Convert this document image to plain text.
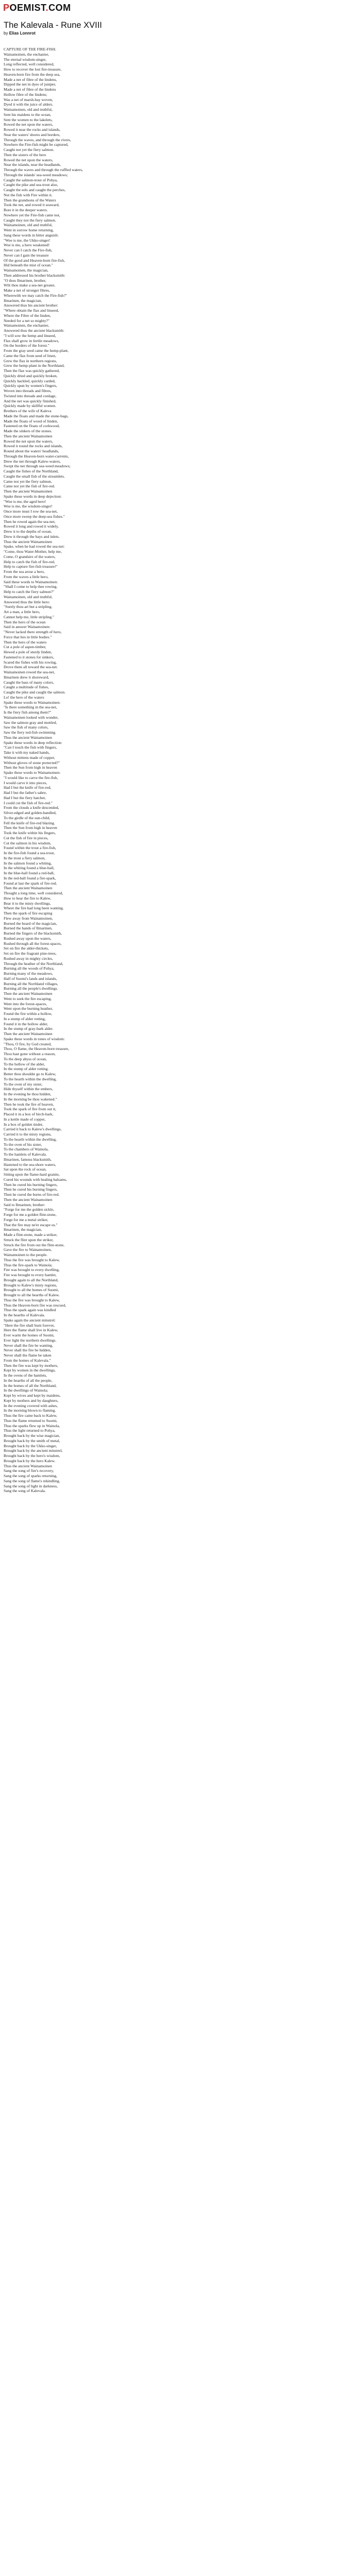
POEMIST.COM
The Kalevala - Rune XVIII

by Elias Lonnrot

CAPTURE OF THE FIRE-FISH.
Wainamoinen, the enchanter,
The eternal wisdom-singer,
Long reflected, well considered,
How to recover the lost fire-treasure,
Heaven-born fire from the deep sea,
Made a net of fibre of the lindens,
Dipped the net in dyes of juniper,
Made a net of fibre of the lindens
Hollow fibre of the lindens;
Was a net of marsh-hay woven,
Dyed it with the juice of alders.
Wainamoinen, old and truthful,
Sent his maidens to the ocean,
Sent the women to the lakelets,
Rowed the net upon the waters,
Rowed it near the rocks and islands,
Near the waters' shores and borders,
Through the waves, and through the rivers,
Nowhere the Fire-fish might be captured,
Caught not yet the fiery salmon.
Then the sisters of the hero
Rowed the net upon the waters,
Near the islands, near the headlands,
Through the waves and through the ruffled waters,
Through the islands' sea-weed meadows;
Caught the salmon-trout of Pohya,
Caught the pike and sea-trout also,
Caught the eels and caught the perches,
Not the fish with Fire within it.
Then the grandsons of the Waters
Took the net, and rowed it seaward,
Bore it in the deeper waters.
Nowhere yet the Fire-fish came not,
Caught they not the fiery salmon.
Wainamoinen, old and truthful,
Went in sorrow home returning,
Sang these words in bitter anguish:
"Woe is me, the Ukko-singer!
Woe is me, a hero weakened!
Never can I catch the Fire-fish,
Never can I gain the treasure
Of the good and Heaven-born fire-fish,
Hid beneath the mist of ocean."
Wainamoinen, the magician,
Then addressed his brother blacksmith:
"O thou Ilmarinen, brother,
Wilt thou make a sea-net greater,
Make a net of stronger fibres,
Wherewith we may catch the Fire-fish?"
Ilmarinen, the magician,
Answered thus his ancient brother:
"Where obtain the flax and linseed,
Where the Fibre of the linden,
Needed for a net so mighty?"
Wainamoinen, the enchanter,
Answered thus the ancient blacksmith:
"I will sow the hemp and linseed,
Flax shall grow in fertile meadows,
On the borders of the forest."
From the gray seed came the hemp-plant,
Came the flax from seed of linen,
Grew the flax in northern regions,
Grew the hemp-plant in the Northland,
Then the flax was quickly gathered,
Quickly dried and quickly broken,
Quickly hackled, quickly carded,
Quickly spun by women's fingers,
Woven into threads and fibres,
Twisted into threads and cordage,
And the net was quickly finished,
Quickly made by skillful women.
Brothers of the wife of Kaleva
Made the floats and made the stone-bags,
Made the floats of wood of linden,
Fastened on the floats of corkwood,
Made the sinkers of the stones.
Then the ancient Wainamoinen
Rowed the net upon the waters,
Rowed it round the rocks and islands,
Round about the waters' headlands,
Through the Heaven-born water-currents,
Drew the net through Kalew-waters,
Swept the net through sea-weed meadows;
Caught the fishes of the Northland,
Caught the small fish of the streamlets.
Came not yet the fiery salmon,
Came not yet the fish of fire-red.
Then the ancient Wainamoinen
Spake these words in deep dejection:
"Woe is me, the aged hero!
Woe is me, the wisdom-singer!
Once more must I row the sea-net,
Once more sweep the deep-sea fishes."
Then he rowed again the sea-net,
Rowed it long and rowed it widely,
Drew it to the depths of ocean,
Drew it through the bays and inlets.
Thus the ancient Wainamoinen
Spake, when he had rowed the sea-net:
"Come, thou Water-Mother, help me,
Come, O grandsire of the waters,
Help to catch the fish of fire-red,
Help to capture fire-fish treasure!"
From the sea arose a hero,
From the waves a little hero,
Said these words to Wainamoinen:
"Shall I come to help thee rowing,
Help to catch the fiery salmon?"
Wainamoinen, old and truthful,
Answered thus the little hero:
"Surely thou art but a stripling,
Art a man, a little hero,
Cannot help me, little stripling."
Then the hero of the ocean
Said in answer Wainamoinen:
"Never lacked there strength of hero,
Force that lies in little bodies."
Then the hero of the waters
Cut a pole of aspen-timber,
Hewed a pole of sturdy linden,
Fastened to it stones for sinkers,
Scared the fishes with his rowing,
Drove them all toward the sea-net.
Wainamoinen rowed the sea-net,
Ilmarinen drew it shoreward,
Caught the bass of many colors,
Caught a multitude of fishes,
Caught the pike and caught the salmon.
Lo! the hero of the waters
Spake these words to Wainamoinen:
"Is there something in the sea-net,
Is the fiery fish among them?"
Wainamoinen looked with wonder,
Saw the salmon gray and mottled,
Saw the fish of many colors,
Saw the fiery red-fish swimming.
Thus the ancient Wainamoinen
Spake these words in deep reflection:
"Can I touch the fish with fingers,
Take it with my naked hands,
Without mittens made of copper,
Without gloves of stone protected?"
Then the Sun from high in heaven
Spake these words to Wainamoinen:
"I would like to carve the fire-fish,
I would carve it into pieces,
Had I but the knife of fire-red,
Had I but the father's sabre,
Had I but the fiery hatchet,
I could cut the fish of fire-red."
From the clouds a knife descended,
Silver-edged and golden-handled,
To the girdle of the sun-child,
Fell the knife of fire-red blazing.
Then the Sun from high in heaven
Took the knife within his fingers,
Cut the fish of fire in pieces,
Cut the salmon in his wisdom,
Found within the trout a fire-fish,
In the fire-fish found a sea-trout,
In the trout a fiery salmon,
In the salmon found a whiting,
In the whiting found a blue-ball,
In the blue-ball found a red-ball,
In the red-ball found a fire-spark,
Found at last the spark of fire-red.
Then the ancient Wainamoinen
Thought a long time, well considered,
How to bear the fire to Kalew,
Bear it to the misty dwellings,
Where the fire had long been wanting.
Then the spark of fire escaping
Flew away from Wainamoinen,
Burned the beard of the magician,
Burned the hands of Ilmarinen,
Burned the fingers of the blacksmith,
Rushed away upon the waters,
Rushed through all the forest-spaces,
Set on fire the alder-thickets,
Set on fire the fragrant pine-trees,
Rushed away in mighty circles,
Through the heather of the Northland,
Burning all the woods of Pohya,
Burning many of the meadows,
Half of Suomi's lands and islands,
Burning all the Northland villages,
Burning all the people's dwellings.
Then the ancient Wainamoinen
Went to seek the fire escaping,
Went into the forest-spaces,
Went upon the burning heather,
Found the fire within a hollow,
In a stump of alder rotting,
Found it in the hollow alder,
In the stump of gray-bark alder.
Then the ancient Wainamoinen
Spake these words in tones of wisdom:
"Thou, O fire, by God created,
Thou, O flame, the Heaven-born treasure,
Thou hast gone without a reason,
To the deep abyss of ocean,
To the hollow of the alder,
In the stump of alder rotting.
Better thou shouldst go to Kalew,
To the hearth within the dwelling,
To the oven of my sister,
Hide thyself within the embers,
In the evening be thou hidden,
In the morning be thou wakened."
Then he took the fire of heaven,
Took the spark of fire from out it,
Placed it in a box of birch-bark,
In a kettle made of copper,
In a box of golden tinder,
Carried it back to Kalew's dwellings,
Carried it to the misty regions,
To the hearth within the dwelling,
To the oven of his sister,
To the chambers of Wainola,
To the hamlets of Kalevala.
Ilmarinen, famous blacksmith,
Hastened to the sea-shore waters,
Sat upon the rock of ocean,
Sitting upon the flame-hard granite,
Cured his wounds with healing balsams,
Then he cured his burning fingers,
Then he cured his burning fingers,
Then he cured the burns of fire-red.
Then the ancient Wainamoinen
Said to Ilmarinen, brother:
"Forge for me the golden sickle,
Forge for me a golden flint-stone,
Forge for me a metal striker,
That the fire may ne'er escape us."
Ilmarinen, the magician,
Made a flint-stone, made a striker,
Struck the flint upon the striker,
Struck the fire from out the flint-stone,
Gave the fire to Wainamoinen,
Wainamoinen to the people.
Thus the fire was brought to Kalew,
Thus the fire-spark to Wainola;
Fire was brought to every dwelling,
Fire was brought to every hamlet,
Brought again to all the Northland,
Brought to Kalew's misty regions,
Brought to all the homes of Suomi,
Brought to all the hearths of Kalew.
Thus the fire was brought to Kalew,
Thus the Heaven-born fire was rescued,
Thus the spark again was kindled
In the hearths of Kalevala.
Spake again the ancient minstrel:
"Here the fire shall burn forever,
Here the flame shall live in Kalew,
Ever warm the homes of Suomi,
Ever light the northern dwellings.
Never shall the fire be wanting,
Never shall the fire be hidden,
Never shall the flame be taken
From the homes of Kalevala."
Then the fire was kept by mothers,
Kept by women in the dwellings,
In the ovens of the hamlets,
In the hearths of all the people,
In the homes of all the Northland,
In the dwellings of Wainola;
Kept by wives and kept by maidens,
Kept by mothers and by daughters,
In the evening covered with ashes,
In the morning blown to flaming.
Thus the fire came back to Kalew,
Thus the flame returned to Suomi,
Thus the sparks flew up in Wainola,
Thus the light returned to Pohya,
Brought back by the wise magician,
Brought back by the smith of metal,
Brought back by the Ukko-singer,
Brought back by the ancient minstrel,
Brought back by the hero's wisdom,
Brought back by the hero Kalew.
Thus the ancient Wainamoinen
Sang the song of fire's recovery,
Sang the song of sparks returning,
Sang the song of flame's rekindling,
Sang the song of light in darkness,
Sang the song of Kalevala.
